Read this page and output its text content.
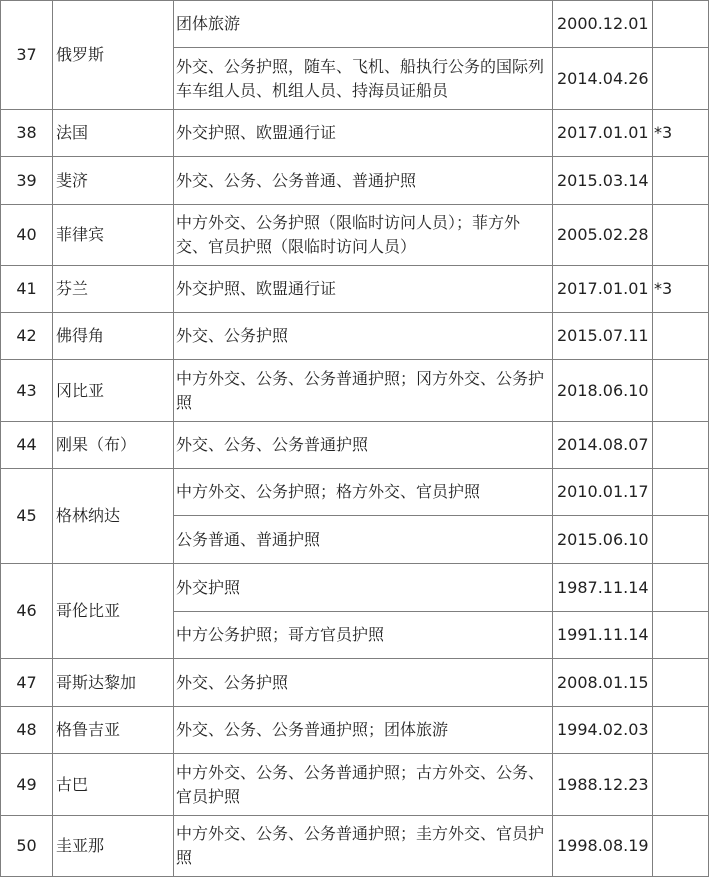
37	俄罗斯	团体旅游	2000.12.01	
		外交、公务护照，随车、飞机、船执行公务的国际列车车组人员、机组人员、持海员证船员	2014.04.26	
38	法国	外交护照、欧盟通行证	2017.01.01	*3
39	斐济	外交、公务、公务普通、普通护照	2015.03.14	
40	菲律宾	中方外交、公务护照（限临时访问人员）；菲方外交、官员护照（限临时访问人员）	2005.02.28	
41	芬兰	外交护照、欧盟通行证	2017.01.01	*3
42	佛得角	外交、公务护照	2015.07.11	
43	冈比亚	中方外交、公务、公务普通护照；冈方外交、公务护照	2018.06.10	
44	刚果（布）	外交、公务、公务普通护照	2014.08.07	
45	格林纳达	中方外交、公务护照；格方外交、官员护照	2010.01.17	
		公务普通、普通护照	2015.06.10	
46	哥伦比亚	外交护照	1987.11.14	
		中方公务护照；哥方官员护照	1991.11.14	
47	哥斯达黎加	外交、公务护照	2008.01.15	
48	格鲁吉亚	外交、公务、公务普通护照；团体旅游	1994.02.03	
49	古巴	中方外交、公务、公务普通护照；古方外交、公务、官员护照	1988.12.23	
50	圭亚那	中方外交、公务、公务普通护照；圭方外交、官员护照	1998.08.19	
